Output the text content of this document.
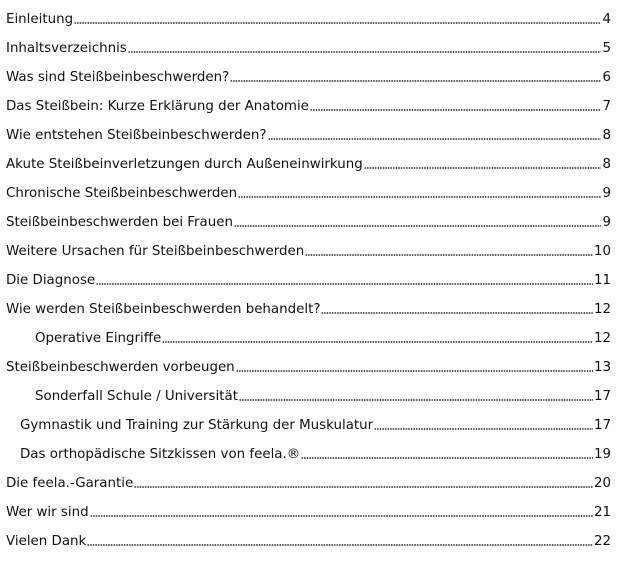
Einleitung	4
Inhaltsverzeichnis	5
Was sind Steißbeinbeschwerden?	6
Das Steißbein: Kurze Erklärung der Anatomie	7
Wie entstehen Steißbeinbeschwerden?	8
Akute Steißbeinverletzungen durch Außeneinwirkung	8
Chronische Steißbeinbeschwerden	9
Steißbeinbeschwerden bei Frauen	9
Weitere Ursachen für Steißbeinbeschwerden	10
Die Diagnose	11
Wie werden Steißbeinbeschwerden behandelt?	12
Operative Eingriffe	12
Steißbeinbeschwerden vorbeugen	13
Sonderfall Schule / Universität	17
Gymnastik und Training zur Stärkung der Muskulatur	17
Das orthopädische Sitzkissen von feela.®	19
Die feela.-Garantie	20
Wer wir sind	21
Vielen Dank	22
